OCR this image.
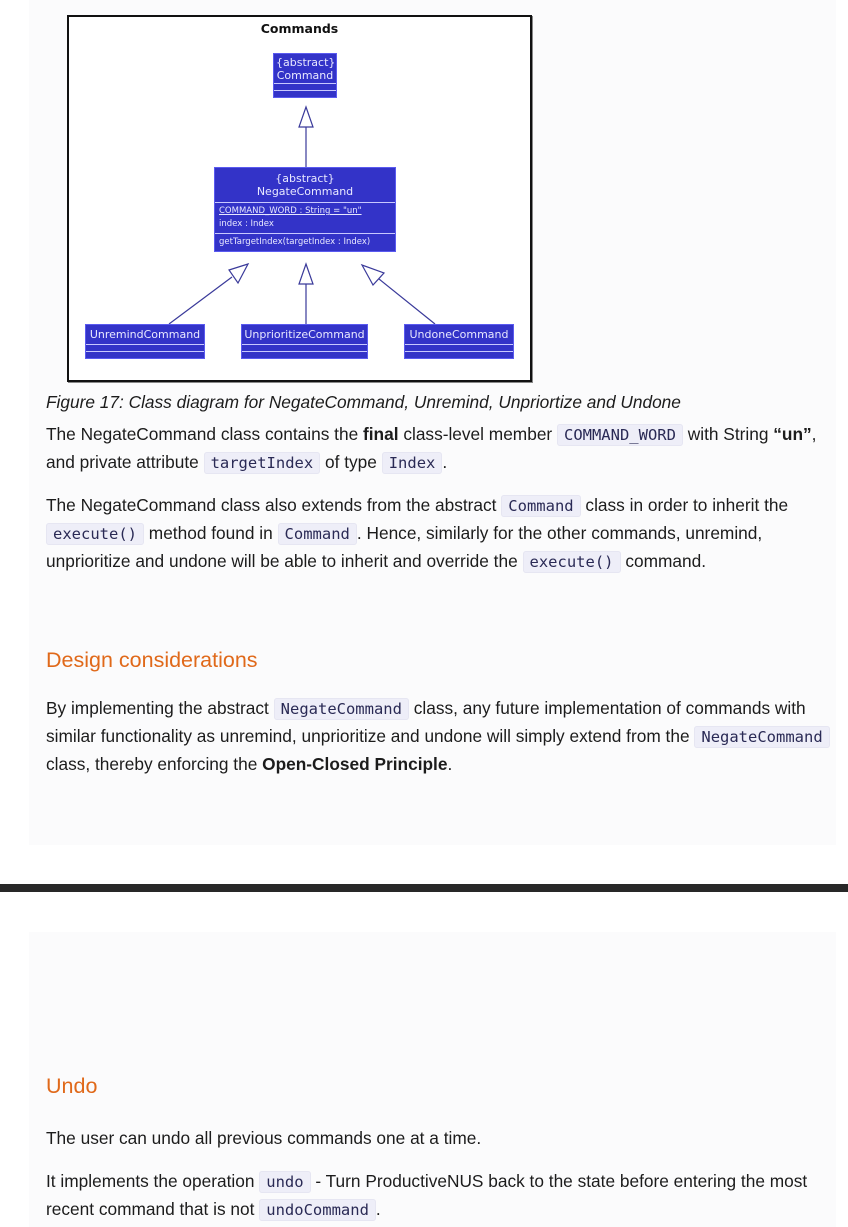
Commands
{abstract}
Command
{abstract}
NegateCommand
COMMAND_WORD : String = "un"
index : Index
getTargetIndex(targetIndex : Index)
UnremindCommand	UnprioritizeCommand	UndoneCommand
Figure 17: Class diagram for NegateCommand, Unremind, Unpriortize and Undone

The NegateCommand class contains the final class-level member COMMAND_WORD with String “un”, and private attribute targetIndex of type Index .

The NegateCommand class also extends from the abstract Command class in order to inherit the execute() method found in Command . Hence, similarly for the other commands, unremind, unprioritize and undone will be able to inherit and override the execute() command.

Design considerations

By implementing the abstract NegateCommand class, any future implementation of commands with similar functionality as unremind, unprioritize and undone will simply extend from the NegateCommand class, thereby enforcing the Open-Closed Principle.

Undo

The user can undo all previous commands one at a time.

It implements the operation undo - Turn ProductiveNUS back to the state before entering the most recent command that is not undoCommand .
